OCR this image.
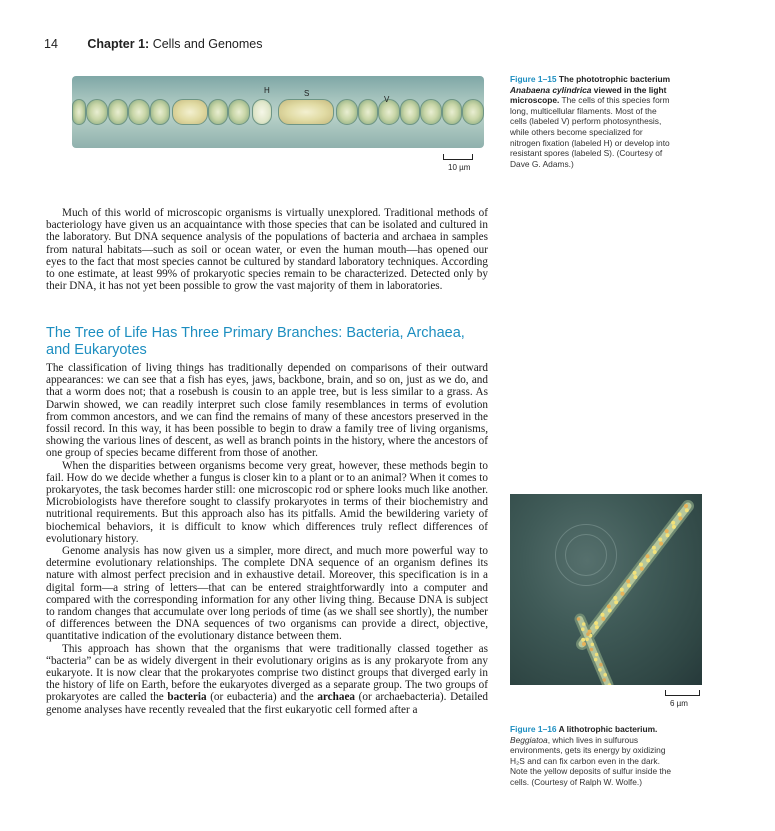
14 Chapter 1: Cells and Genomes
H	S
V
10 µm
Figure 1–15 The phototrophic bacterium
Anabaena cylindrica viewed in the light
microscope. The cells of this species form
long, multicellular filaments. Most of the
cells (labeled V) perform photosynthesis,
while others become specialized for
nitrogen fixation (labeled H) or develop into
resistant spores (labeled S). (Courtesy of
Dave G. Adams.)

Much of this world of microscopic organisms is virtually unexplored. Traditional methods of bacteriology have given us an acquaintance with those species that can be isolated and cultured in the laboratory. But DNA sequence analysis of the populations of bacteria and archaea in samples from natural habitats—such as soil or ocean water, or even the human mouth—has opened our eyes to the fact that most species cannot be cultured by standard laboratory techniques. According to one estimate, at least 99% of prokaryotic species remain to be characterized. Detected only by their DNA, it has not yet been possible to grow the vast majority of them in laboratories.

The Tree of Life Has Three Primary Branches: Bacteria, Archaea, and Eukaryotes

The classification of living things has traditionally depended on comparisons of their outward appearances: we can see that a fish has eyes, jaws, backbone, brain, and so on, just as we do, and that a worm does not; that a rosebush is cousin to an apple tree, but is less similar to a grass. As Darwin showed, we can readily interpret such close family resemblances in terms of evolution from common ancestors, and we can find the remains of many of these ancestors preserved in the fossil record. In this way, it has been possible to begin to draw a family tree of living organisms, showing the various lines of descent, as well as branch points in the history, where the ancestors of one group of species became different from those of another.

When the disparities between organisms become very great, however, these methods begin to fail. How do we decide whether a fungus is closer kin to a plant or to an animal? When it comes to prokaryotes, the task becomes harder still: one microscopic rod or sphere looks much like another. Microbiologists have therefore sought to classify prokaryotes in terms of their biochemistry and nutritional requirements. But this approach also has its pitfalls. Amid the bewildering variety of biochemical behaviors, it is difficult to know which differences truly reflect differences of evolutionary history.

Genome analysis has now given us a simpler, more direct, and much more powerful way to determine evolutionary relationships. The complete DNA sequence of an organism defines its nature with almost perfect precision and in exhaustive detail. Moreover, this specification is in a digital form—a string of letters—that can be entered straightforwardly into a computer and compared with the corresponding information for any other living thing. Because DNA is subject to random changes that accumulate over long periods of time (as we shall see shortly), the number of differences between the DNA sequences of two organisms can provide a direct, objective, quantitative indication of the evolutionary distance between them.

This approach has shown that the organisms that were traditionally classed together as “bacteria” can be as widely divergent in their evolutionary origins as is any prokaryote from any eukaryote. It is now clear that the prokaryotes comprise two distinct groups that diverged early in the history of life on Earth, before the eukaryotes diverged as a separate group. The two groups of prokaryotes are called the bacteria (or eubacteria) and the archaea (or archaebacteria). Detailed genome analyses have recently revealed that the first eukaryotic cell formed after a

6 µm
Figure 1–16 A lithotrophic bacterium.
Beggiatoa, which lives in sulfurous
environments, gets its energy by oxidizing
H₂S and can fix carbon even in the dark.
Note the yellow deposits of sulfur inside the
cells. (Courtesy of Ralph W. Wolfe.)
